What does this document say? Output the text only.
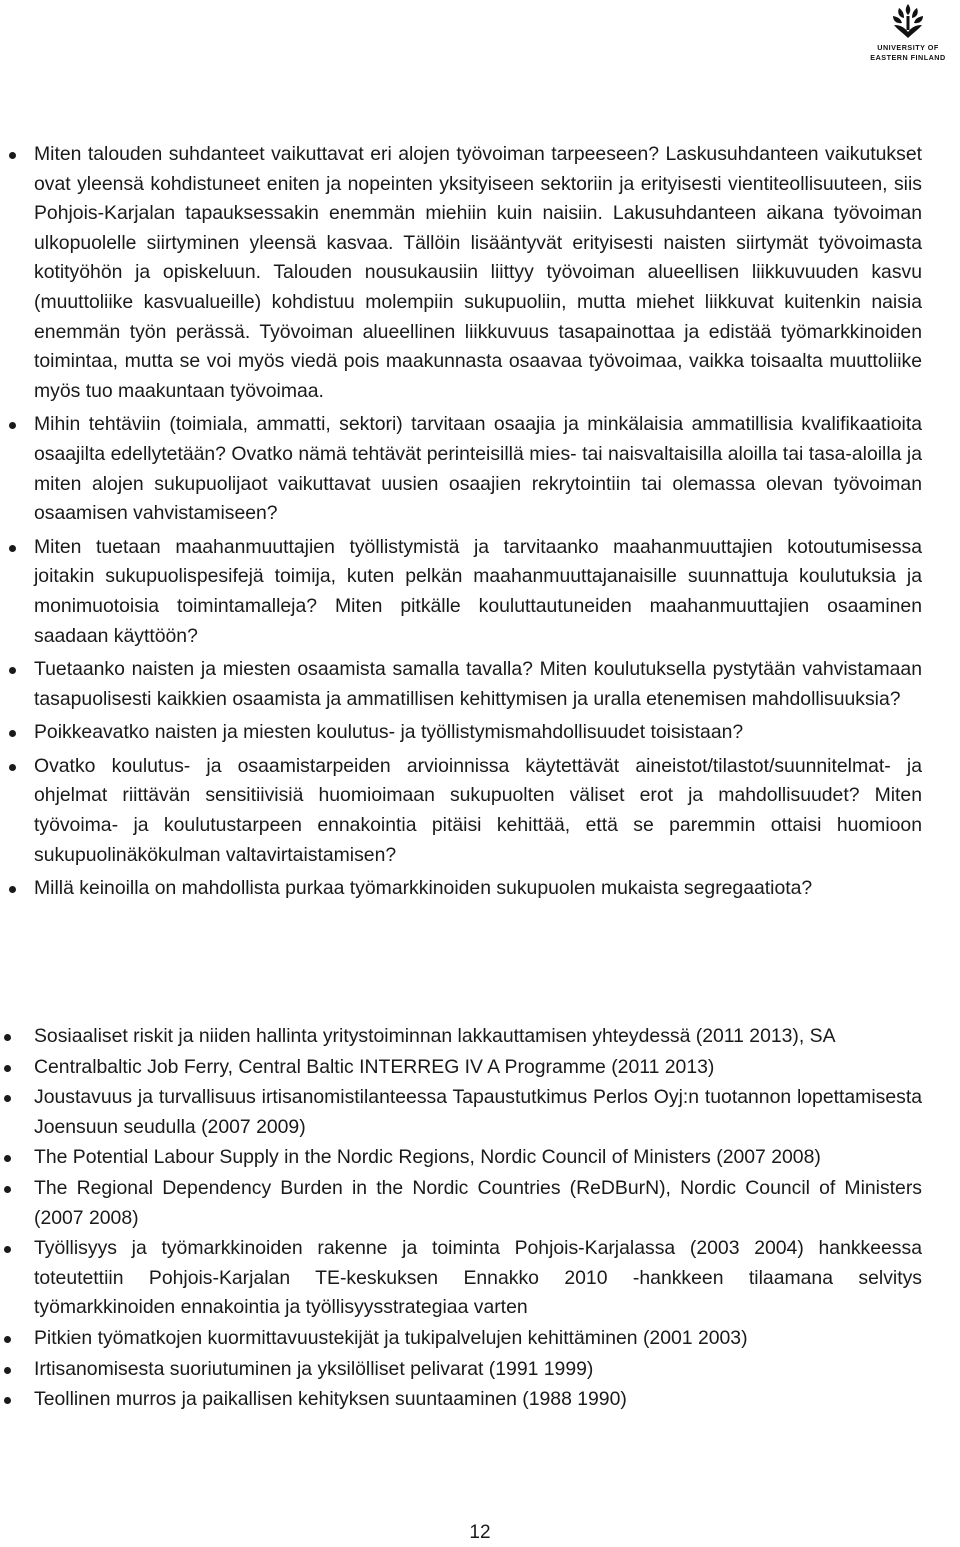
UNIVERSITY OF
EASTERN FINLAND
Miten talouden suhdanteet vaikuttavat eri alojen työvoiman tarpeeseen? Laskusuhdanteen vaikutukset ovat yleensä kohdistuneet eniten ja nopeinten yksityiseen sektoriin ja erityisesti vientiteollisuuteen, siis Pohjois-Karjalan tapauksessakin enemmän miehiin kuin naisiin. Lakusuhdanteen aikana työvoiman ulkopuolelle siirtyminen yleensä kasvaa. Tällöin lisääntyvät erityisesti naisten siirtymät työvoimasta kotityöhön ja opiskeluun. Talouden nousukausiin liittyy työvoiman alueellisen liikkuvuuden kasvu (muuttoliike kasvualueille) kohdistuu molempiin sukupuoliin, mutta miehet liikkuvat kuitenkin naisia enemmän työn perässä. Työvoiman alueellinen liikkuvuus tasapainottaa ja edistää työmarkkinoiden toimintaa, mutta se voi myös viedä pois maakunnasta osaavaa työvoimaa, vaikka toisaalta muuttoliike myös tuo maakuntaan työvoimaa.
Mihin tehtäviin (toimiala, ammatti, sektori) tarvitaan osaajia ja minkälaisia ammatillisia kvalifikaatioita osaajilta edellytetään? Ovatko nämä tehtävät perinteisillä mies- tai naisvaltaisilla aloilla tai tasa-aloilla ja miten alojen sukupuolijaot vaikuttavat uusien osaajien rekrytointiin tai olemassa olevan työvoiman osaamisen vahvistamiseen?
Miten tuetaan maahanmuuttajien työllistymistä ja tarvitaanko maahanmuuttajien kotoutumisessa joitakin sukupuolispesifejä toimija, kuten pelkän maahanmuuttajanaisille suunnattuja koulutuksia ja monimuotoisia toimintamalleja? Miten pitkälle kouluttautuneiden maahanmuuttajien osaaminen saadaan käyttöön?
Tuetaanko naisten ja miesten osaamista samalla tavalla? Miten koulutuksella pystytään vahvistamaan tasapuolisesti kaikkien osaamista ja ammatillisen kehittymisen ja uralla etenemisen mahdollisuuksia?
Poikkeavatko naisten ja miesten koulutus- ja työllistymismahdollisuudet toisistaan?
Ovatko koulutus- ja osaamistarpeiden arvioinnissa käytettävät aineistot/tilastot/suunnitelmat- ja ohjelmat riittävän sensitiivisiä huomioimaan sukupuolten väliset erot ja mahdollisuudet? Miten työvoima- ja koulutustarpeen ennakointia pitäisi kehittää, että se paremmin ottaisi huomioon sukupuolinäkökulman valtavirtaistamisen?
Millä keinoilla on mahdollista purkaa työmarkkinoiden sukupuolen mukaista segregaatiota?
Sosiaaliset riskit ja niiden hallinta yritystoiminnan lakkauttamisen yhteydessä (2011 2013), SA
Centralbaltic Job Ferry, Central Baltic INTERREG IV A Programme (2011 2013)
Joustavuus ja turvallisuus irtisanomistilanteessa Tapaustutkimus Perlos Oyj:n tuotannon lopettamisesta Joensuun seudulla (2007 2009)
The Potential Labour Supply in the Nordic Regions, Nordic Council of Ministers (2007 2008)
The Regional Dependency Burden in the Nordic Countries (ReDBurN), Nordic Council of Ministers (2007 2008)
Työllisyys ja työmarkkinoiden rakenne ja toiminta Pohjois-Karjalassa (2003 2004) hankkeessa toteutettiin Pohjois-Karjalan TE-keskuksen Ennakko 2010 -hankkeen tilaamana selvitys työmarkkinoiden ennakointia ja työllisyysstrategiaa varten
Pitkien työmatkojen kuormittavuustekijät ja tukipalvelujen kehittäminen (2001 2003)
Irtisanomisesta suoriutuminen ja yksilölliset pelivarat (1991 1999)
Teollinen murros ja paikallisen kehityksen suuntaaminen (1988 1990)
12
